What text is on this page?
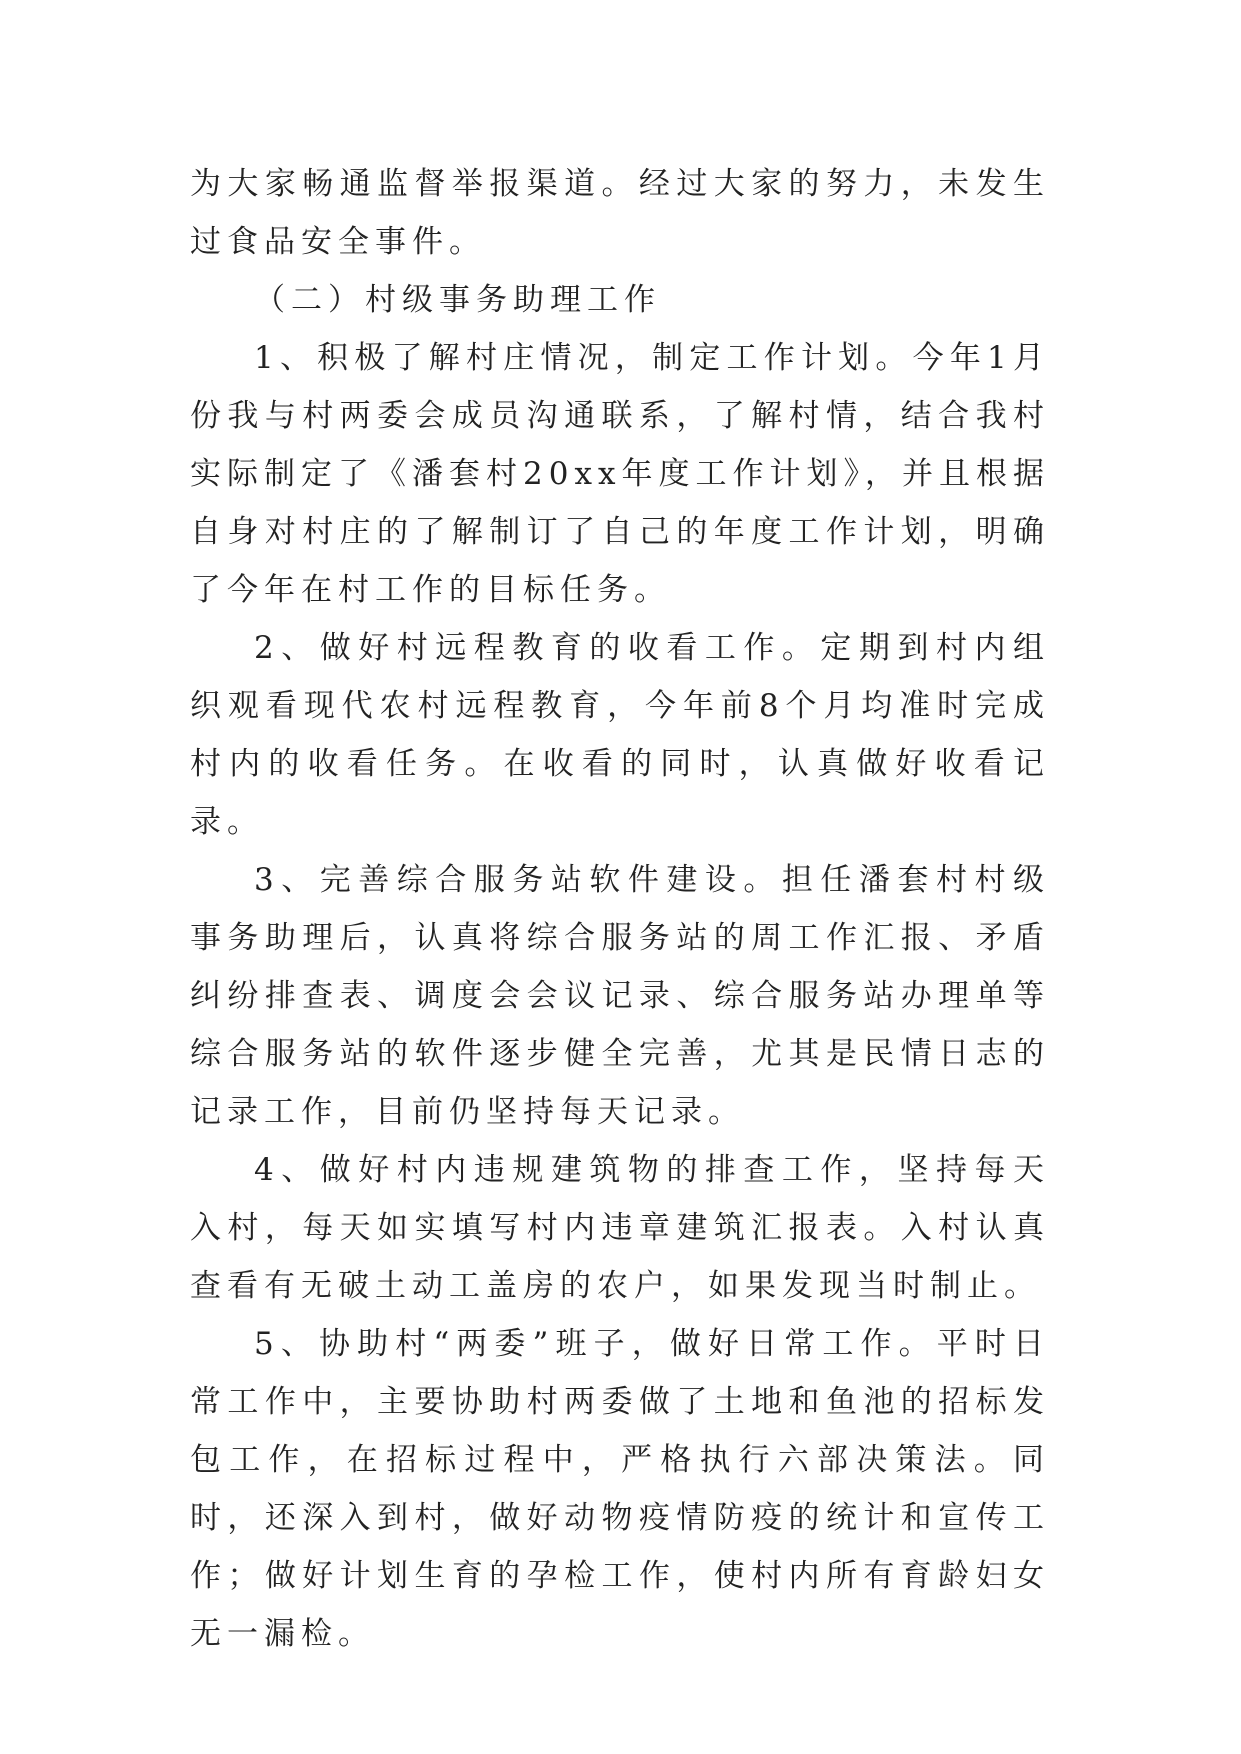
为大家畅通监督举报渠道。经过大家的努力，未发生过食品安全事件。

（二）村级事务助理工作

1、积极了解村庄情况，制定工作计划。今年1月份我与村两委会成员沟通联系，了解村情，结合我村实际制定了《潘套村20xx年度工作计划》，并且根据自身对村庄的了解制订了自己的年度工作计划，明确了今年在村工作的目标任务。

2、做好村远程教育的收看工作。定期到村内组织观看现代农村远程教育，今年前8个月均准时完成村内的收看任务。在收看的同时，认真做好收看记录。

3、完善综合服务站软件建设。担任潘套村村级事务助理后，认真将综合服务站的周工作汇报、矛盾纠纷排查表、调度会会议记录、综合服务站办理单等综合服务站的软件逐步健全完善，尤其是民情日志的记录工作，目前仍坚持每天记录。

4、做好村内违规建筑物的排查工作，坚持每天入村，每天如实填写村内违章建筑汇报表。入村认真查看有无破土动工盖房的农户，如果发现当时制止。

5、协助村“两委”班子，做好日常工作。平时日常工作中，主要协助村两委做了土地和鱼池的招标发包工作，在招标过程中，严格执行六部决策法。同时，还深入到村，做好动物疫情防疫的统计和宣传工作；做好计划生育的孕检工作，使村内所有育龄妇女无一漏检。
